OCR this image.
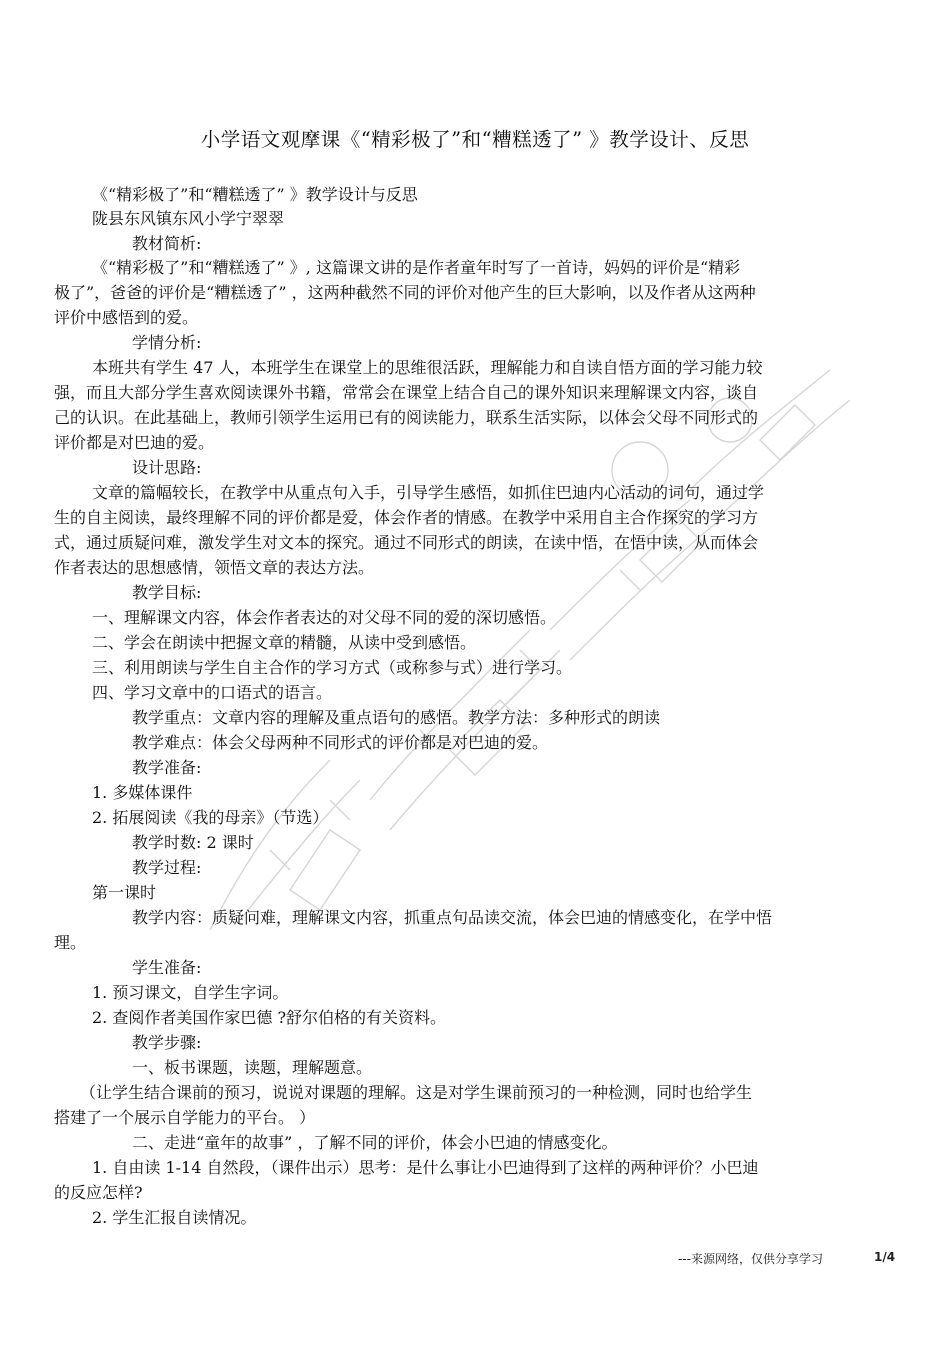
小学语文观摩课《“精彩极了”和“糟糕透了” 》教学设计、反思
《“精彩极了”和“糟糕透了” 》教学设计与反思
陇县东风镇东风小学宁翠翠
教材简析:
《“精彩极了”和“糟糕透了” 》, 这篇课文讲的是作者童年时写了一首诗，妈妈的评价是“精彩
极了”，爸爸的评价是“糟糕透了” ，这两种截然不同的评价对他产生的巨大影响，以及作者从这两种
评价中感悟到的爱。
学情分析:
本班共有学生 47 人，本班学生在课堂上的思维很活跃，理解能力和自读自悟方面的学习能力较
强，而且大部分学生喜欢阅读课外书籍，常常会在课堂上结合自己的课外知识来理解课文内容，谈自
己的认识。在此基础上，教师引领学生运用已有的阅读能力，联系生活实际，以体会父母不同形式的
评价都是对巴迪的爱。
设计思路:
文章的篇幅较长，在教学中从重点句入手，引导学生感悟，如抓住巴迪内心活动的词句，通过学
生的自主阅读，最终理解不同的评价都是爱，体会作者的情感。在教学中采用自主合作探究的学习方
式，通过质疑问难，激发学生对文本的探究。通过不同形式的朗读，在读中悟，在悟中读，从而体会
作者表达的思想感情，领悟文章的表达方法。
教学目标:
一、理解课文内容，体会作者表达的对父母不同的爱的深切感悟。
二、学会在朗读中把握文章的精髓，从读中受到感悟。
三、利用朗读与学生自主合作的学习方式（或称参与式）进行学习。
四、学习文章中的口语式的语言。
教学重点：文章内容的理解及重点语句的感悟。教学方法：多种形式的朗读
教学难点：体会父母两种不同形式的评价都是对巴迪的爱。
教学准备:
1. 多媒体课件
2. 拓展阅读《我的母亲》（节选）
教学时数: 2 课时
教学过程:
第一课时
教学内容：质疑问难，理解课文内容，抓重点句品读交流，体会巴迪的情感变化，在学中悟
理。
学生准备:
1. 预习课文，自学生字词。
2. 查阅作者美国作家巴德 ?舒尔伯格的有关资料。
教学步骤:
一、板书课题，读题，理解题意。
（让学生结合课前的预习，说说对课题的理解。这是对学生课前预习的一种检测，同时也给学生
搭建了一个展示自学能力的平台。 ）
二、走进“童年的故事” ，了解不同的评价，体会小巴迪的情感变化。
1. 自由读 1-14 自然段，（课件出示）思考：是什么事让小巴迪得到了这样的两种评价？小巴迪
的反应怎样?
2. 学生汇报自读情况。
---来源网络，仅供分享学习	1/4
